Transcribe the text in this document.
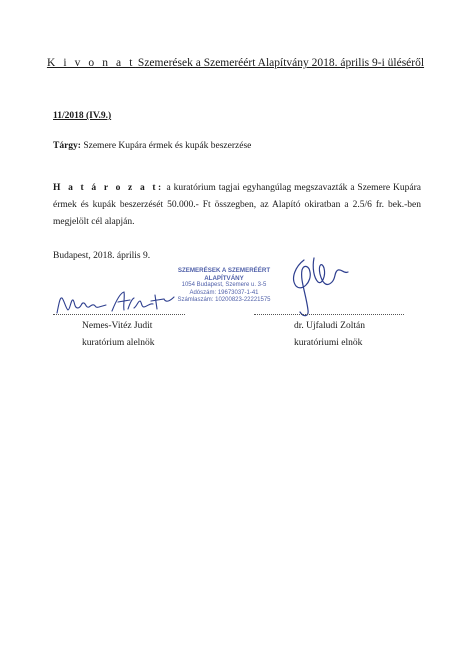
K i v o n a t Szemerések a Szemeréért Alapítvány 2018. április 9-i üléséről
11/2018 (IV.9.)
Tárgy: Szemere Kupára érmek és kupák beszerzése
H a t á r o z a t: a kuratórium tagjai egyhangúlag megszavazták a Szemere Kupára érmek és kupák beszerzését 50.000.- Ft összegben, az Alapító okiratban a 2.5/6 fr. bek.-ben megjelölt cél alapján.
Budapest, 2018. április 9.
SZEMERÉSEK A SZEMERÉÉRT
ALAPÍTVÁNY
1054 Budapest, Szemere u. 3-5
Adószám: 19673037-1-41
Számlaszám: 10200823-22221575
Nemes-Vitéz Judit
kuratórium alelnök
dr. Ujfaludi Zoltán
kuratóriumi elnök
